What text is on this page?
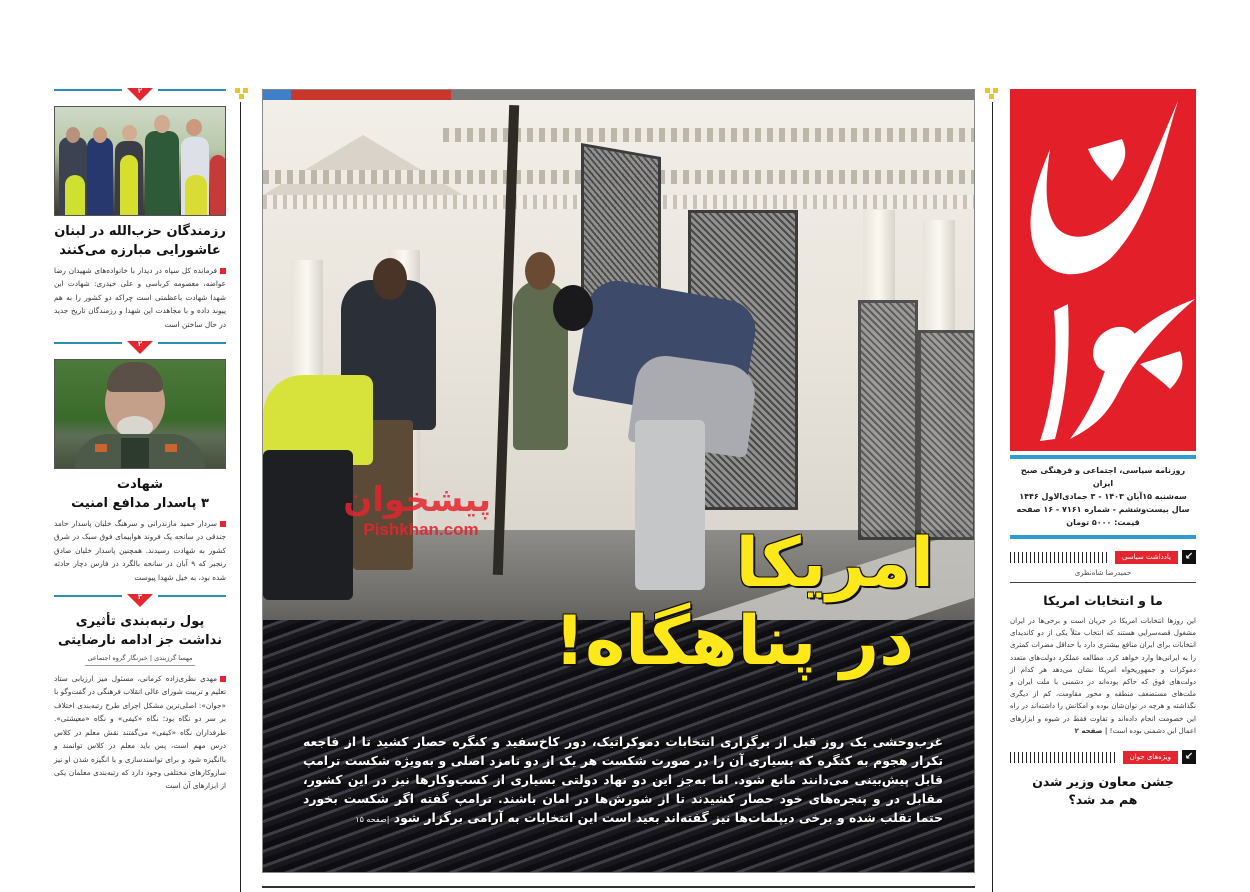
۲
رزمندگان حزب‌الله در لبنان عاشورایی مبارزه می‌کنند
فرمانده کل سپاه در دیدار با خانواده‌های شهیدان رضا عواضه، معصومه کرباسی و علی حیدری: شهادت این شهدا شهادت باعظمتی است چراکه دو کشور را به هم پیوند داده و با مجاهدت این شهدا و رزمندگان تاریخ جدید در حال ساختن است
۲
شهادت
۳ پاسدار مدافع امنیت
سردار حمید مازندرانی و سرهنگ خلبان پاسدار حامد جندقی در سانحه یک فروند هواپیمای فوق سبک در شرق کشور به شهادت رسیدند. همچنین پاسدار خلبان صادق رنجبر که ۹ آبان در سانحه بالگرد در فارس دچار حادثه شده بود، به خیل شهدا پیوست
۳
پول رتبه‌بندی تأثیری نداشت جز ادامه نارضایتی
مهسا گرزبندی | خبرنگار گروه اجتماعی
مهدی نظری‌زاده کرمانی، مسئول میز ارزیابی ستاد تعلیم و تربیت شورای عالی انقلاب فرهنگی در گفت‌وگو با «جوان»: اصلی‌ترین مشکل اجرای طرح رتبه‌بندی اختلاف بر سر دو نگاه بود؛ نگاه «کیفی» و نگاه «معیشتی». طرفداران نگاه «کیفی» می‌گفتند نقش معلم در کلاس درس مهم است، پس باید معلم در کلاس توانمند و باانگیزه شود و برای توانمندسازی و با انگیزه شدن او نیز سازوکارهای مختلفی وجود دارد که رتبه‌بندی معلمان یکی از ابزارهای آن است
پیشخوان
Pishkhan.com	امریکا
در پناهگاه!
غرب‌وحشی یک روز قبل از برگزاری انتخابات دموکراتیک، دور کاخ‌سفید و کنگره حصار کشید تا از فاجعه تکرار هجوم به کنگره که بسیاری آن را در صورت شکست هر یک از دو نامزد اصلی و به‌ویژه شکست ترامپ قابل پیش‌بینی می‌دانند مانع شود. اما به‌جز این دو نهاد دولتی بسیاری از کسب‌وکارها نیز در این کشور، مقابل در و پنجره‌های خود حصار کشیدند تا از شورش‌ها در امان باشند. ترامپ گفته اگر شکست بخورد حتما تقلب شده و برخی دیپلمات‌ها نیز گفته‌اند بعید است این انتخابات به آرامی برگزار شود |صفحه ۱۵
جوان
روزنامه سیاسی، اجتماعی و فرهنگی صبح ایران
سه‌شنبه ۱۵آبان ۱۴۰۳ - ۳ جمادی‌الاول ۱۴۴۶
سال بیست‌وششم - شماره ۷۱۶۱ - ۱۶ صفحه
قیمت: ۵۰۰۰ تومان
↙
یادداشت سیاسی
حمیدرضا شاه‌نظری
ما و انتخابات امریکا
این روزها انتخابات امریکا در جریان است و برخی‌ها در ایران مشغول قصه‌سرایی هستند که انتخاب مثلاً یکی از دو کاندیدای انتخابات برای ایران منافع بیشتری دارد یا حداقل مضرات کمتری را به ایرانی‌ها وارد خواهد کرد. مطالعه عملکرد دولت‌های متعدد دموکرات و جمهوریخواه امریکا نشان می‌دهد هر کدام از دولت‌های فوق که حاکم بوده‌اند در دشمنی با ملت ایران و ملت‌های مستضعف منطقه و محور مقاومت، کم از دیگری نگذاشته و هرچه در توان‌شان بوده و امکانش را داشته‌اند در راه این خصومت انجام داده‌اند و تفاوت فقط در شیوه و ابزارهای اعمال این دشمنی بوده است! | صفحه ۲
↙
ویژه‌های جوان
جشن معاون وزیر شدن هم مد شد؟
